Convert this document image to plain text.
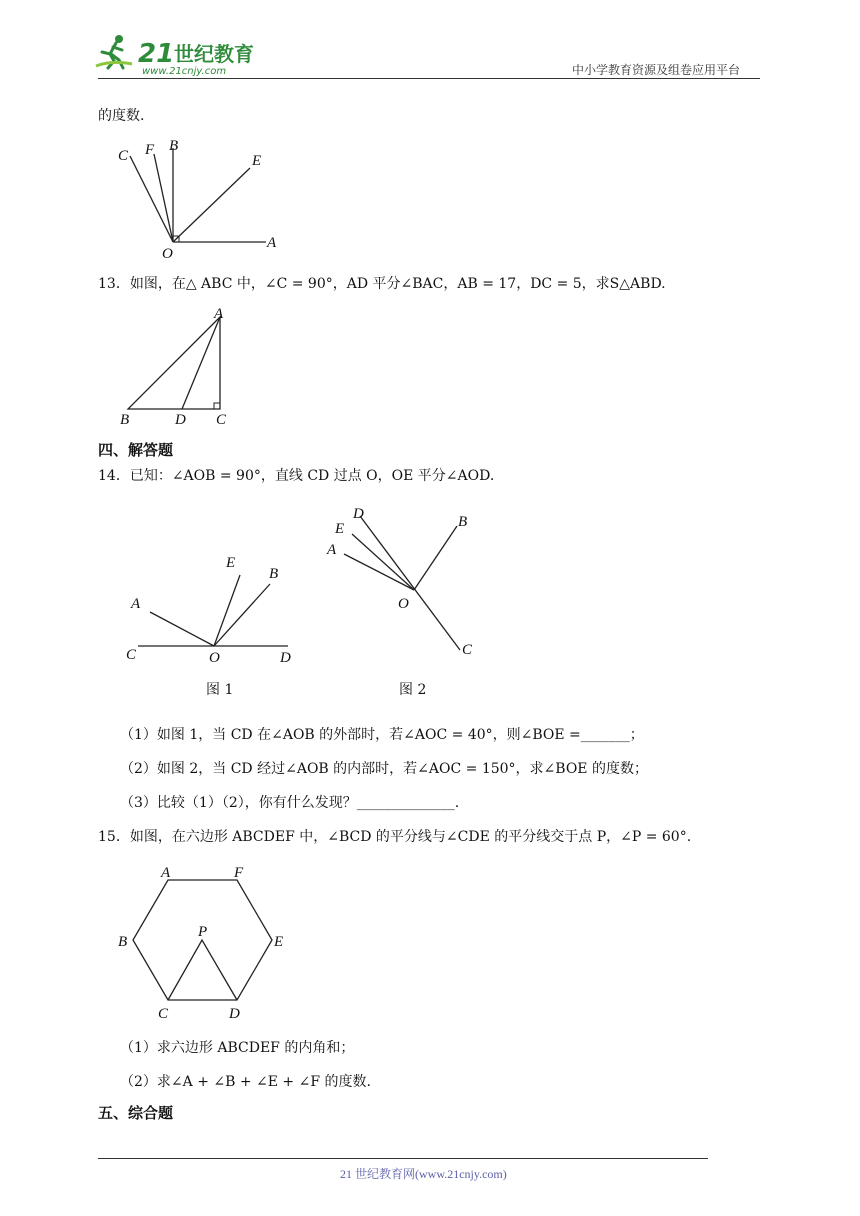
21 世纪教育
www.21cnjy.com	中小学教育资源及组卷应用平台
的度数.
C F B
E
O
A
13．如图，在△ ABC 中，∠C = 90°，AD 平分∠BAC，AB = 17，DC = 5，求S△ABD.
A
B	D C
四、解答题
14．已知：∠AOB = 90°，直线 CD 过点 O，OE 平分∠AOD.
A
E
B
C	O	D
图 1
D
E
A
B
O
C
图 2
（1）如图 1，当 CD 在∠AOB 的外部时，若∠AOC = 40°，则∠BOE =_______；
（2）如图 2，当 CD 经过∠AOB 的内部时，若∠AOC = 150°，求∠BOE 的度数；
（3）比较（1）（2），你有什么发现？______________.
15．如图，在六边形 ABCDEF 中，∠BCD 的平分线与∠CDE 的平分线交于点 P，∠P = 60°.
A	F
B	E
P
C	D
（1）求六边形 ABCDEF 的内角和；
（2）求∠A + ∠B + ∠E + ∠F 的度数.
五、综合题
21 世纪教育网(www.21cnjy.com)
